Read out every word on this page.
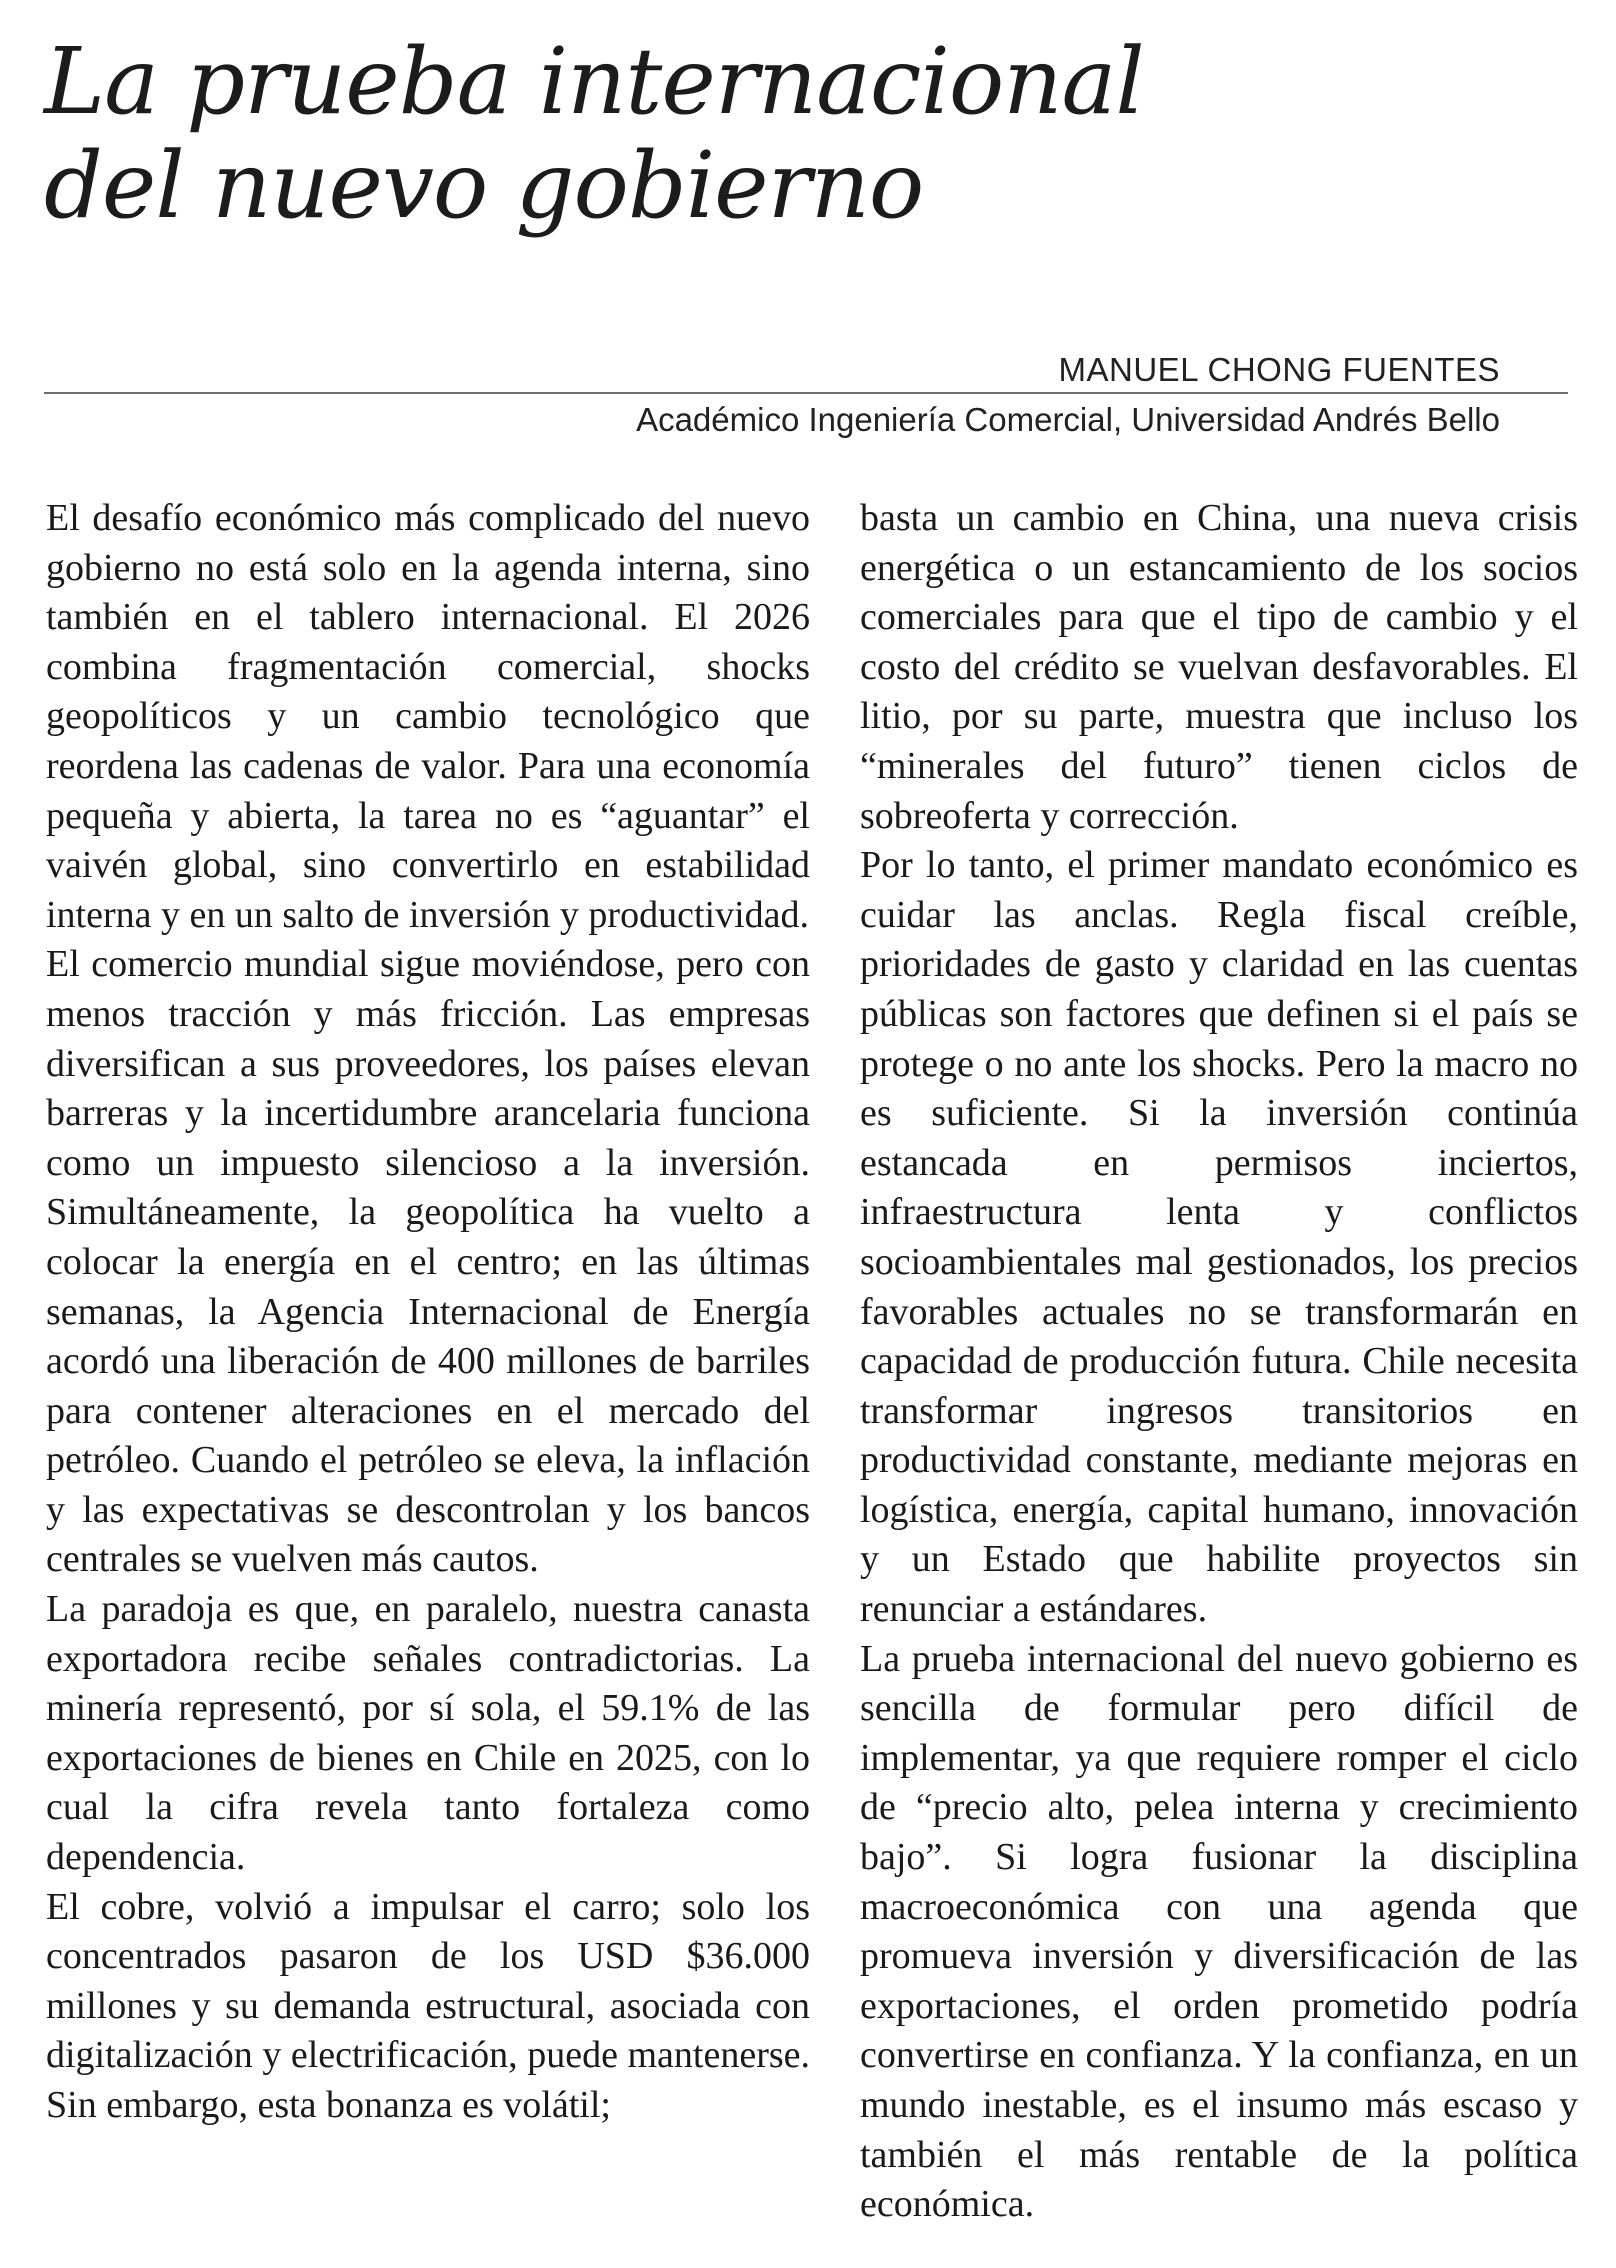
La prueba internacional
del nuevo gobierno
MANUEL CHONG FUENTES
Académico Ingeniería Comercial, Universidad Andrés Bello

El desafío económico más complicado del nuevo gobierno no está solo en la agenda interna, sino también en el tablero internacional. El 2026 combina fragmentación comercial, shocks geopolíticos y un cambio tecnológico que reordena las cadenas de valor. Para una economía pequeña y abierta, la tarea no es “aguantar” el vaivén global, sino convertirlo en estabilidad interna y en un salto de inversión y productividad.

El comercio mundial sigue moviéndose, pero con menos tracción y más fricción. Las empresas diversifican a sus proveedores, los países elevan barreras y la incertidumbre arancelaria funciona como un impuesto silencioso a la inversión. Simultáneamente, la geopolítica ha vuelto a colocar la energía en el centro; en las últimas semanas, la Agencia Internacional de Energía acordó una liberación de 400 millones de barriles para contener alteraciones en el mercado del petróleo. Cuando el petróleo se eleva, la inflación y las expectativas se descontrolan y los bancos centrales se vuelven más cautos.

La paradoja es que, en paralelo, nuestra canasta exportadora recibe señales contradictorias. La minería representó, por sí sola, el 59.1% de las exportaciones de bienes en Chile en 2025, con lo cual la cifra revela tanto fortaleza como dependencia.

El cobre, volvió a impulsar el carro; solo los concentrados pasaron de los USD $36.000 millones y su demanda estructural, asociada con digitalización y electrificación, puede mantenerse. Sin embargo, esta bonanza es volátil;

basta un cambio en China, una nueva crisis energética o un estancamiento de los socios comerciales para que el tipo de cambio y el costo del crédito se vuelvan desfavorables. El litio, por su parte, muestra que incluso los “minerales del futuro” tienen ciclos de sobreoferta y corrección.

Por lo tanto, el primer mandato económico es cuidar las anclas. Regla fiscal creíble, prioridades de gasto y claridad en las cuentas públicas son factores que definen si el país se protege o no ante los shocks. Pero la macro no es suficiente. Si la inversión continúa estancada en permisos inciertos, infraestructura lenta y conflictos socioambientales mal gestionados, los precios favorables actuales no se transformarán en capacidad de producción futura. Chile necesita transformar ingresos transitorios en productividad constante, mediante mejoras en logística, energía, capital humano, innovación y un Estado que habilite proyectos sin renunciar a estándares.

La prueba internacional del nuevo gobierno es sencilla de formular pero difícil de implementar, ya que requiere romper el ciclo de “precio alto, pelea interna y crecimiento bajo”. Si logra fusionar la disciplina macroeconómica con una agenda que promueva inversión y diversificación de las exportaciones, el orden prometido podría convertirse en confianza. Y la confianza, en un mundo inestable, es el insumo más escaso y también el más rentable de la política económica.
